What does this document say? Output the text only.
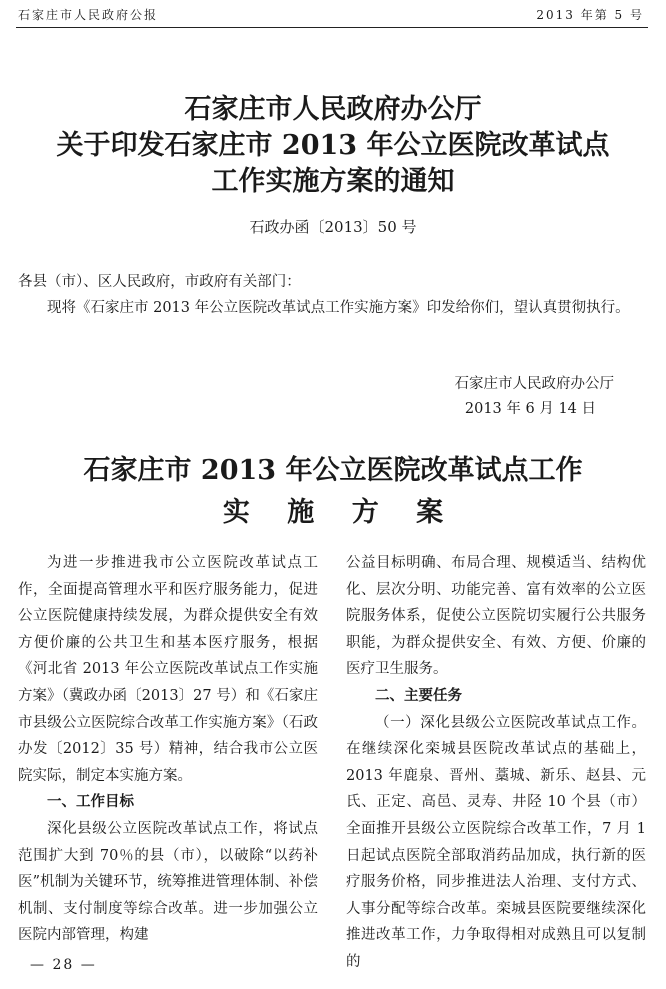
石家庄市人民政府公报	2013 年第 5 号
石家庄市人民政府办公厅
关于印发石家庄市 2013 年公立医院改革试点
工作实施方案的通知
石政办函〔2013〕50 号
各县（市）、区人民政府，市政府有关部门：
现将《石家庄市 2013 年公立医院改革试点工作实施方案》印发给你们，望认真贯彻执行。
石家庄市人民政府办公厅
2013 年 6 月 14 日
石家庄市 2013 年公立医院改革试点工作
实 施 方 案

为进一步推进我市公立医院改革试点工作，全面提高管理水平和医疗服务能力，促进公立医院健康持续发展，为群众提供安全有效方便价廉的公共卫生和基本医疗服务，根据《河北省 2013 年公立医院改革试点工作实施方案》（冀政办函〔2013〕27 号）和《石家庄市县级公立医院综合改革工作实施方案》（石政办发〔2012〕35 号）精神，结合我市公立医院实际，制定本实施方案。

一、工作目标

深化县级公立医院改革试点工作，将试点范围扩大到 70％的县（市），以破除“以药补医”机制为关键环节，统筹推进管理体制、补偿机制、支付制度等综合改革。进一步加强公立医院内部管理，构建

公益目标明确、布局合理、规模适当、结构优化、层次分明、功能完善、富有效率的公立医院服务体系，促使公立医院切实履行公共服务职能，为群众提供安全、有效、方便、价廉的医疗卫生服务。

二、主要任务

（一）深化县级公立医院改革试点工作。在继续深化栾城县医院改革试点的基础上，2013 年鹿泉、晋州、藁城、新乐、赵县、元氏、正定、高邑、灵寿、井陉 10 个县（市）全面推开县级公立医院综合改革工作，7 月 1 日起试点医院全部取消药品加成，执行新的医疗服务价格，同步推进法人治理、支付方式、人事分配等综合改革。栾城县医院要继续深化推进改革工作，力争取得相对成熟且可以复制的

— 28 —
